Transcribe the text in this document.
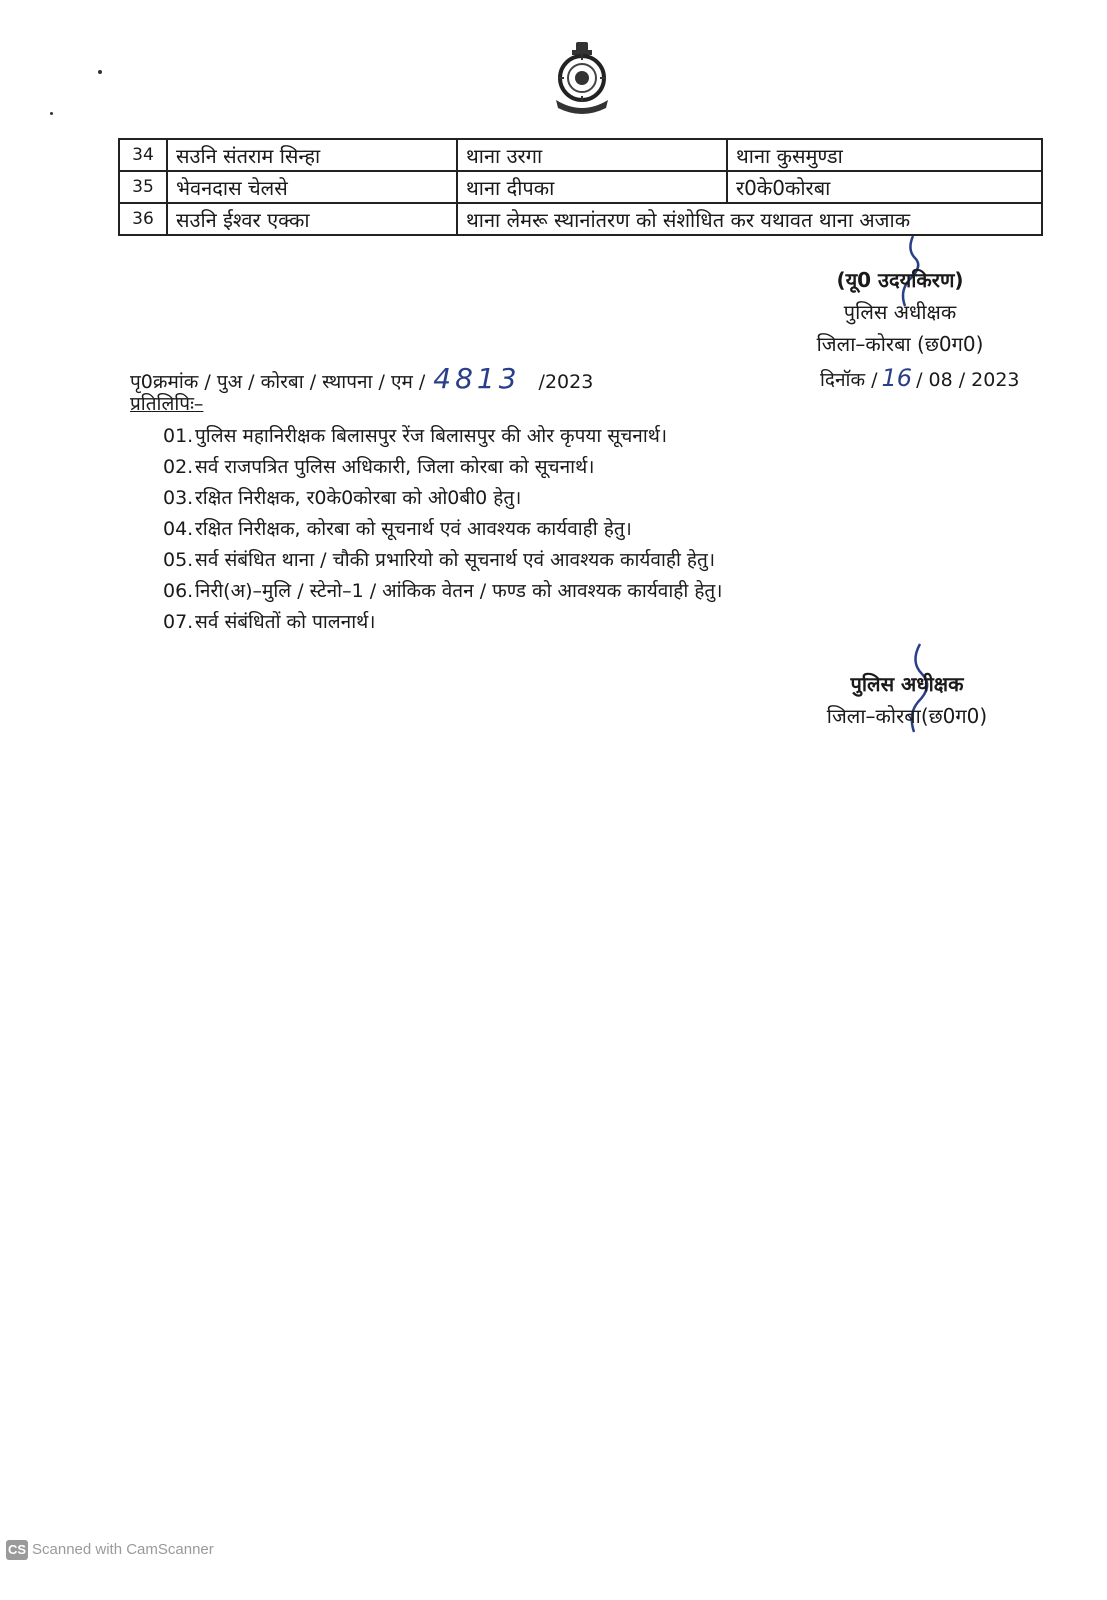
34	सउनि संतराम सिन्हा	थाना उरगा	थाना कुसमुण्डा
35	भेवनदास चेलसे	थाना दीपका	र0के0कोरबा
36	सउनि ईश्वर एक्का	थाना लेमरू स्थानांतरण को संशोधित कर यथावत थाना अजाक	
(यू0 उदयकिरण)
पुलिस अधीक्षक
जिला–कोरबा (छ0ग0)
पृ0क्रमांक / पुअ / कोरबा / स्थापना / एम / 4813 /2023	दिनॉक / 16 / 08 / 2023
प्रतिलिपिः–
01.पुलिस महानिरीक्षक बिलासपुर रेंज बिलासपुर की ओर कृपया सूचनार्थ।
02.सर्व राजपत्रित पुलिस अधिकारी, जिला कोरबा को सूचनार्थ।
03.रक्षित निरीक्षक, र0के0कोरबा को ओ0बी0 हेतु।
04.रक्षित निरीक्षक, कोरबा को सूचनार्थ एवं आवश्यक कार्यवाही हेतु।
05.सर्व संबंधित थाना / चौकी प्रभारियो को सूचनार्थ एवं आवश्यक कार्यवाही हेतु।
06.निरी(अ)–मुलि / स्टेनो–1 / आंकिक वेतन / फण्ड को आवश्यक कार्यवाही हेतु।
07.सर्व संबंधितों को पालनार्थ।
पुलिस अधीक्षक
जिला–कोरबा(छ0ग0)
CS Scanned with CamScanner
